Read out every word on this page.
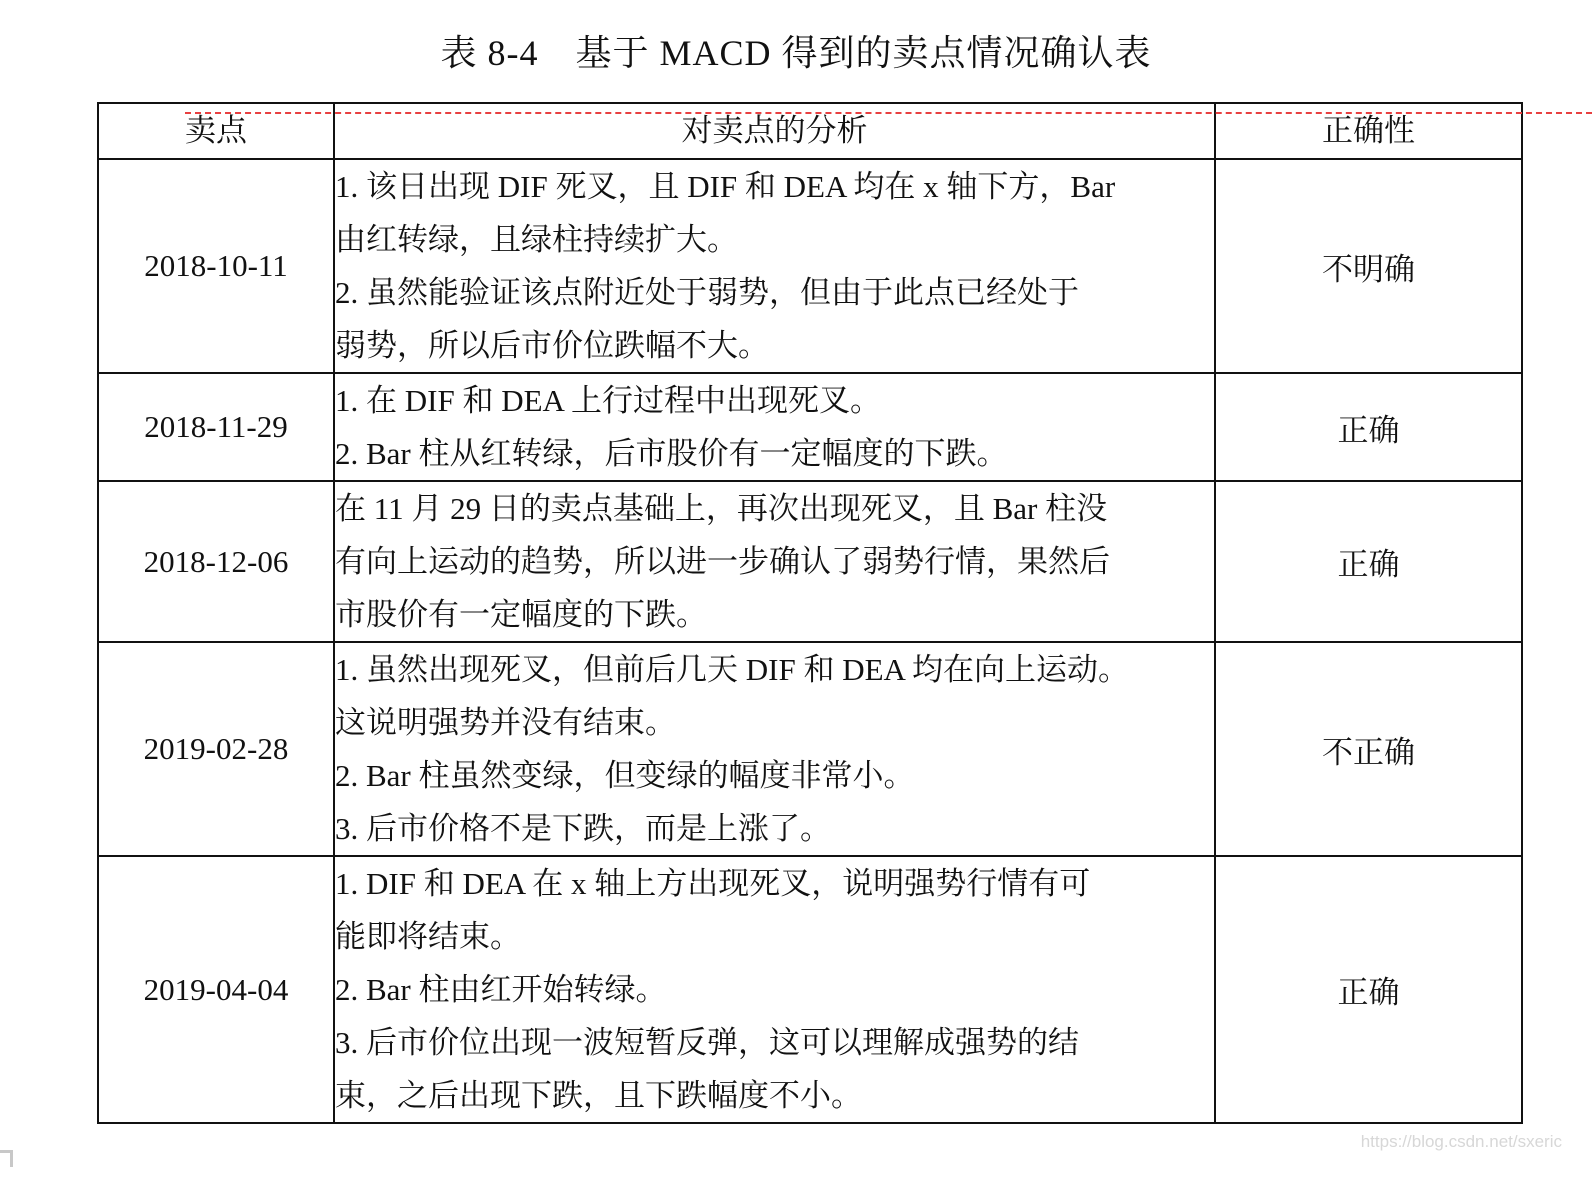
表 8-4　基于 MACD 得到的卖点情况确认表
卖点	对卖点的分析	正确性
2018-10-11	1. 该日出现 DIF 死叉，且 DIF 和 DEA 均在 x 轴下方，Bar
由红转绿，且绿柱持续扩大。
2. 虽然能验证该点附近处于弱势，但由于此点已经处于
弱势，所以后市价位跌幅不大。	不明确
2018-11-29	1. 在 DIF 和 DEA 上行过程中出现死叉。
2. Bar 柱从红转绿，后市股价有一定幅度的下跌。	正确
2018-12-06	在 11 月 29 日的卖点基础上，再次出现死叉，且 Bar 柱没
有向上运动的趋势，所以进一步确认了弱势行情，果然后
市股价有一定幅度的下跌。	正确
2019-02-28	1. 虽然出现死叉，但前后几天 DIF 和 DEA 均在向上运动。
这说明强势并没有结束。
2. Bar 柱虽然变绿，但变绿的幅度非常小。
3. 后市价格不是下跌，而是上涨了。	不正确
2019-04-04	1. DIF 和 DEA 在 x 轴上方出现死叉，说明强势行情有可
能即将结束。
2. Bar 柱由红开始转绿。
3. 后市价位出现一波短暂反弹，这可以理解成强势的结
束，之后出现下跌，且下跌幅度不小。	正确
https://blog.csdn.net/sxeric
